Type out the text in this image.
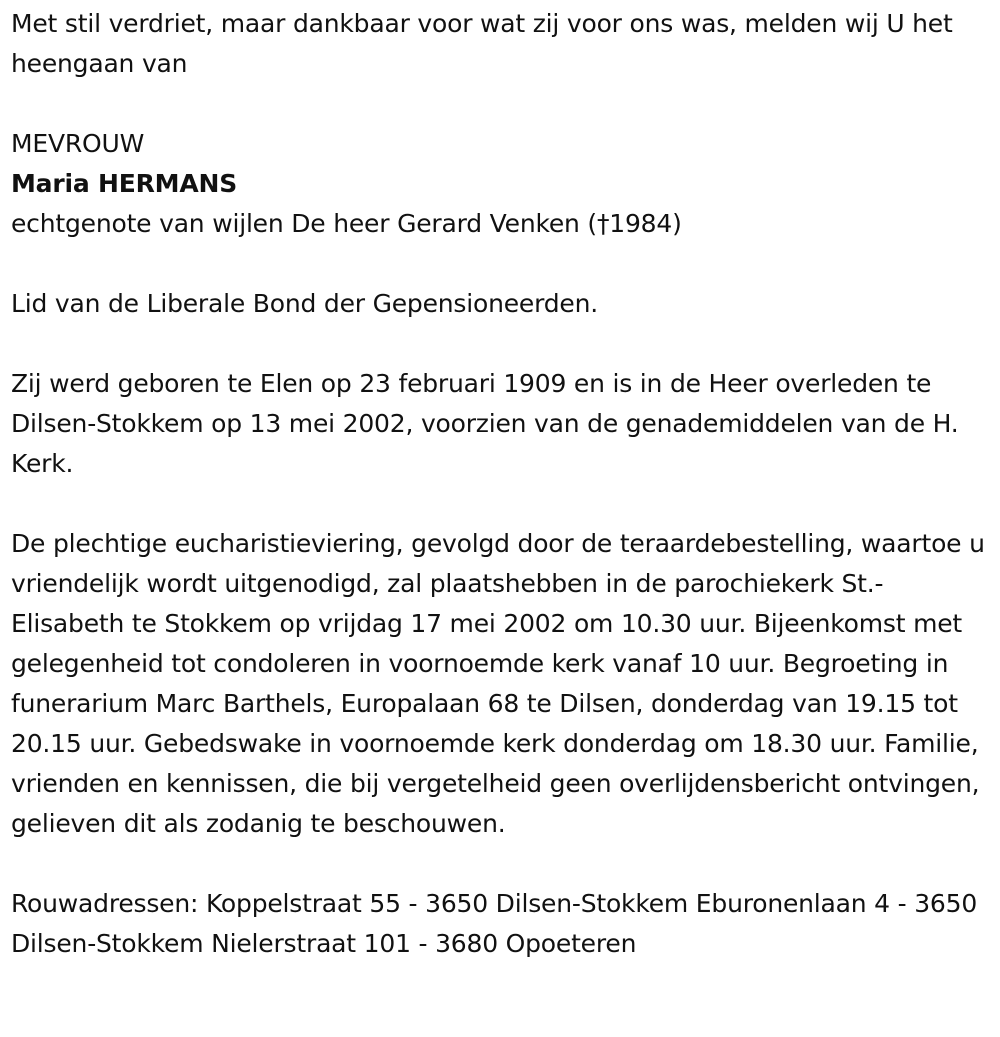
Met stil verdriet, maar dankbaar voor wat zij voor ons was, melden wij U het heengaan van

MEVROUW

Maria HERMANS

echtgenote van wijlen De heer Gerard Venken (†1984)

Lid van de Liberale Bond der Gepensioneerden.

Zij werd geboren te Elen op 23 februari 1909 en is in de Heer overleden te Dilsen-Stokkem op 13 mei 2002, voorzien van de genademiddelen van de H. Kerk.

De plechtige eucharistieviering, gevolgd door de teraardebestelling, waartoe u vriendelijk wordt uitgenodigd, zal plaatshebben in de parochiekerk St.-Elisabeth te Stokkem op vrijdag 17 mei 2002 om 10.30 uur. Bijeenkomst met gelegenheid tot condoleren in voornoemde kerk vanaf 10 uur. Begroeting in funerarium Marc Barthels, Europalaan 68 te Dilsen, donderdag van 19.15 tot 20.15 uur. Gebedswake in voornoemde kerk donderdag om 18.30 uur. Familie, vrienden en kennissen, die bij vergetelheid geen overlijdensbericht ontvingen, gelieven dit als zodanig te beschouwen.

Rouwadressen: Koppelstraat 55 - 3650 Dilsen-Stokkem Eburonenlaan 4 - 3650 Dilsen-Stokkem Nielerstraat 101 - 3680 Opoeteren
